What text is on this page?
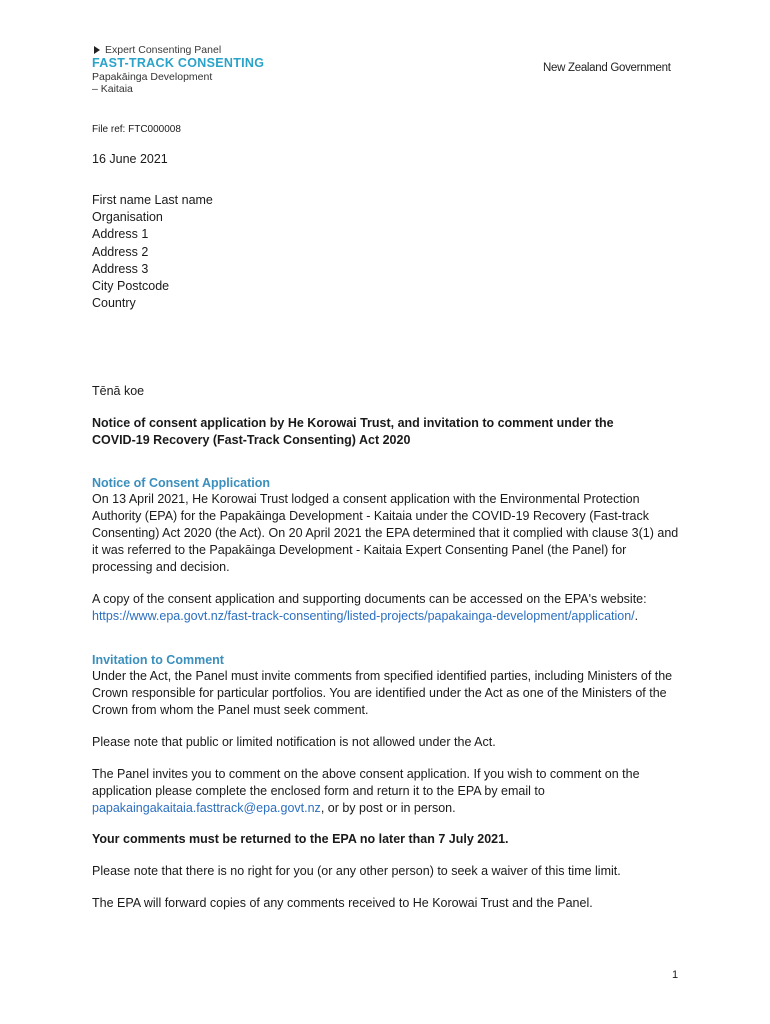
Expert Consenting Panel
FAST-TRACK CONSENTING
Papakāinga Development
– Kaitaia
New Zealand Government
File ref: FTC000008
16 June 2021
First name Last name
Organisation
Address 1
Address 2
Address 3
City Postcode
Country
Tēnā koe
Notice of consent application by He Korowai Trust, and invitation to comment under the COVID-19 Recovery (Fast-Track Consenting) Act 2020
Notice of Consent Application
On 13 April 2021, He Korowai Trust lodged a consent application with the Environmental Protection Authority (EPA) for the Papakāinga Development - Kaitaia under the COVID-19 Recovery (Fast-track Consenting) Act 2020 (the Act). On 20 April 2021 the EPA determined that it complied with clause 3(1) and it was referred to the Papakāinga Development - Kaitaia Expert Consenting Panel (the Panel) for processing and decision.
A copy of the consent application and supporting documents can be accessed on the EPA's website:
https://www.epa.govt.nz/fast-track-consenting/listed-projects/papakainga-development/application/.
Invitation to Comment
Under the Act, the Panel must invite comments from specified identified parties, including Ministers of the Crown responsible for particular portfolios. You are identified under the Act as one of the Ministers of the Crown from whom the Panel must seek comment.
Please note that public or limited notification is not allowed under the Act.
The Panel invites you to comment on the above consent application. If you wish to comment on the application please complete the enclosed form and return it to the EPA by email to papakaingakaitaia.fasttrack@epa.govt.nz, or by post or in person.
Your comments must be returned to the EPA no later than 7 July 2021.
Please note that there is no right for you (or any other person) to seek a waiver of this time limit.
The EPA will forward copies of any comments received to He Korowai Trust and the Panel.
1
